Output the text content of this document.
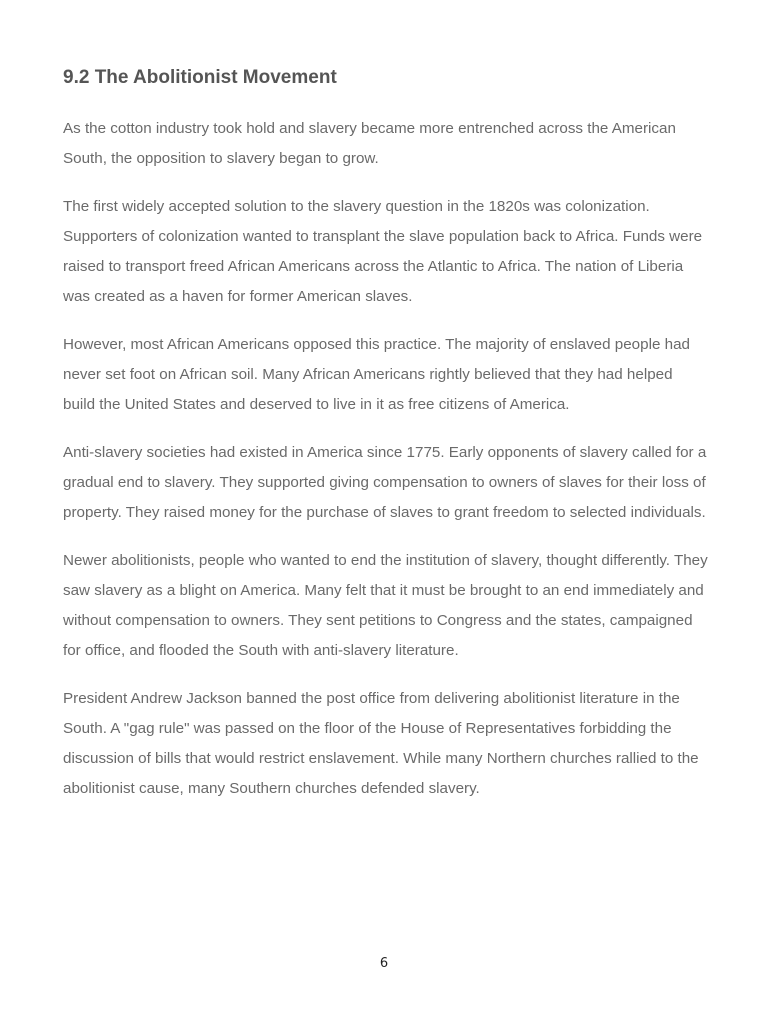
9.2 The Abolitionist Movement

As the cotton industry took hold and slavery became more entrenched across the American South, the opposition to slavery began to grow.

The first widely accepted solution to the slavery question in the 1820s was colonization. Supporters of colonization wanted to transplant the slave population back to Africa. Funds were raised to transport freed African Americans across the Atlantic to Africa. The nation of Liberia was created as a haven for former American slaves.

However, most African Americans opposed this practice. The majority of enslaved people had never set foot on African soil. Many African Americans rightly believed that they had helped build the United States and deserved to live in it as free citizens of America.

Anti-slavery societies had existed in America since 1775. Early opponents of slavery called for a gradual end to slavery. They supported giving compensation to owners of slaves for their loss of property. They raised money for the purchase of slaves to grant freedom to selected individuals.

Newer abolitionists, people who wanted to end the institution of slavery, thought differently. They saw slavery as a blight on America. Many felt that it must be brought to an end immediately and without compensation to owners. They sent petitions to Congress and the states, campaigned for office, and flooded the South with anti-slavery literature.

President Andrew Jackson banned the post office from delivering abolitionist literature in the South. A "gag rule" was passed on the floor of the House of Representatives forbidding the discussion of bills that would restrict enslavement. While many Northern churches rallied to the abolitionist cause, many Southern churches defended slavery.

6
